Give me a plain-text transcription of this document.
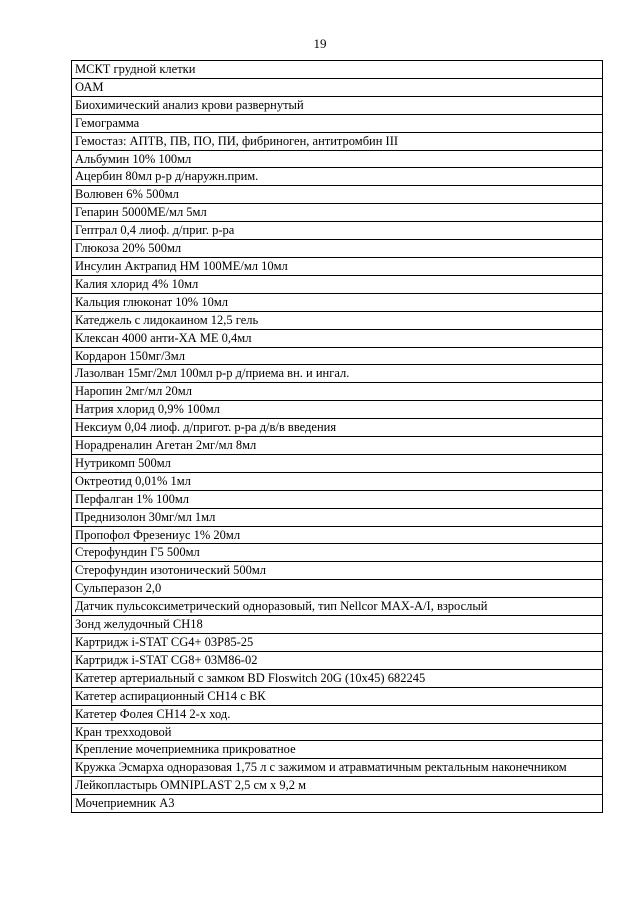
19
МСКТ грудной клетки
ОАМ
Биохимический анализ крови развернутый
Гемограмма
Гемостаз: АПТВ, ПВ, ПО, ПИ, фибриноген, антитромбин III
Альбумин 10% 100мл
Ацербин 80мл р-р д/наружн.прим.
Волювен 6% 500мл
Гепарин 5000МЕ/мл 5мл
Гептрал 0,4 лиоф. д/приг. р-ра
Глюкоза 20% 500мл
Инсулин Актрапид НМ 100МЕ/мл 10мл
Калия хлорид 4% 10мл
Кальция глюконат 10% 10мл
Катеджель с лидокаином 12,5 гель
Клексан 4000 анти-ХА МЕ 0,4мл
Кордарон 150мг/3мл
Лазолван 15мг/2мл 100мл р-р д/приема вн. и ингал.
Наропин 2мг/мл 20мл
Натрия хлорид 0,9% 100мл
Нексиум 0,04 лиоф. д/пригот. р-ра д/в/в введения
Норадреналин Агетан 2мг/мл 8мл
Нутрикомп 500мл
Октреотид 0,01% 1мл
Перфалган 1% 100мл
Преднизолон 30мг/мл 1мл
Пропофол Фрезениус 1% 20мл
Стерофундин Г5 500мл
Стерофундин изотонический 500мл
Сульперазон 2,0
Датчик пульсоксиметрический одноразовый, тип Nellcor MAX-A/I, взрослый
Зонд желудочный СН18
Картридж i-STAT CG4+ 03P85-25
Картридж i-STAT CG8+ 03M86-02
Катетер артериальный с замком BD Floswitch 20G (10x45) 682245
Катетер аспирационный СН14 с ВК
Катетер Фолея СН14 2-х ход.
Кран трехходовой
Крепление мочеприемника прикроватное
Кружка Эсмарха одноразовая 1,75 л с зажимом и атравматичным ректальным наконечником
Лейкопластырь OMNIPLAST 2,5 см х 9,2 м
Мочеприемник А3
